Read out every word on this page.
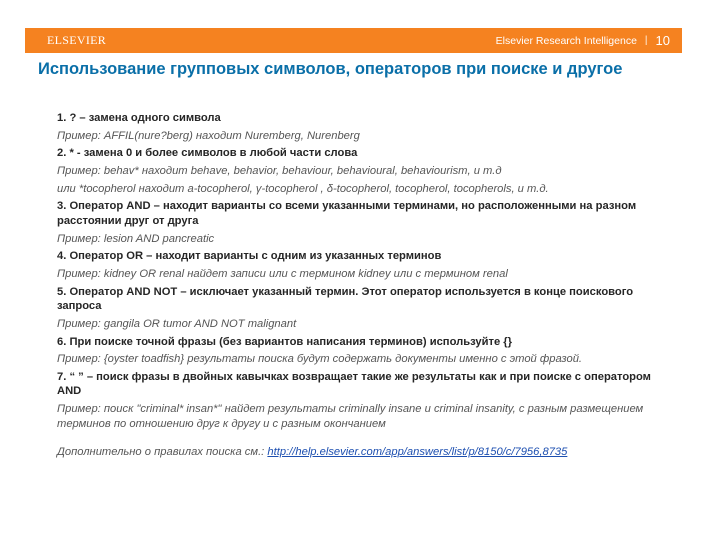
ELSEVIER	Elsevier Research Intelligence | 10
Использование групповых символов, операторов при поиске и другое

1. ? – замена одного символа

Пример: AFFIL(nure?berg) находит Nuremberg, Nurenberg

2. * - замена 0 и более символов в любой части слова

Пример: behav* находит behave, behavior, behaviour, behavioural, behaviourism, и т.д

или *tocopherol находит a-tocopherol, γ-tocopherol , δ-tocopherol, tocopherol, tocopherols, и т.д.

3. Оператор AND – находит варианты со всеми указанными терминами, но расположенными на разном расстоянии друг от друга

Пример: lesion AND pancreatic

4. Оператор OR – находит варианты с одним из указанных терминов

Пример: kidney OR renal найдет записи или с термином kidney или с термином renal

5. Оператор AND NOT – исключает указанный термин. Этот оператор используется в конце поискового запроса

Пример: gangila OR tumor AND NOT malignant

6. При поиске точной фразы (без вариантов написания терминов) используйте {}

Пример: {oyster toadfish} результаты поиска будут содержать документы именно с этой фразой.

7. “ ” – поиск фразы в двойных кавычках возвращает такие же результаты как и при поиске с оператором AND

Пример: поиск "criminal* insan*" найдет результаты criminally insane и criminal insanity, с разным размещением терминов по отношению друг к другу и с разным окончанием

Дополнительно о правилах поиска см.: http://help.elsevier.com/app/answers/list/p/8150/c/7956,8735
